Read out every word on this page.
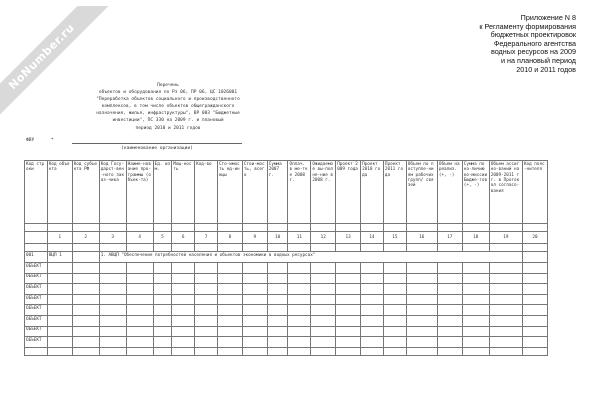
NoNumber.ru
Приложение N 8
к Регламенту формирования
бюджетных проектировок
Федерального агентства
водных ресурсов на 2009
и на плановый период
2010 и 2011 годов
Перечень
объектов и оборудования по Рз 06, ПР 06, ЦС 1026001
"Переработка объектов социального и производственного
комплексов, в том числе объектов общегражданского
назначения, жилья, инфраструктуры", ВР 003 "Бюджетные
инвестиции", ПС 330 на 2009 г. и плановый
период 2010 и 2011 годов
ФВУ	*
(наименование организации)
Код строки	Код объекта	Код субъекта РФ	Код Госу-дарст-вен-ного заказ-чика	Наиме-нование про-граммы (объек-та)	Ед. изм.	Мощ-ность	Код-во	Сто-имость ед-иницы	Стои-мость, всего	Сумма 2007 г.	Оплач. в ме-тке 2008 г.	Ожидаемое вы-полне-ние в 2008 г.	Проект 2009 года	Проект 2010 года	Проект 2011 года	Объем по поступле-ниям рабочих групп/ связей	Объем на реализ. (+, -)	Сумма по на-личию ко-миссии Бюдже-тов (+, -)	Объем ассигно-ваний на 2009-2011 гг. в Протокол согласо-вания	Код пояс-нителя

	1	2	3	4	5	6	7	8	9	10	11	12	13	14	15	16	17	18	19	20

001	ВЦП 1		1. АВЦП "Обеспечение потребностей населения и объектов экономики в водных ресурсах"																	
ОБЪЕКТ																				
ОБЪЕКТ																				
ОБЪЕКТ																				
ОБЪЕКТ																				
ОБЪЕКТ																				
ОБЪЕКТ																				
ОБЪЕКТ																				
ОБЪЕКТ																				
